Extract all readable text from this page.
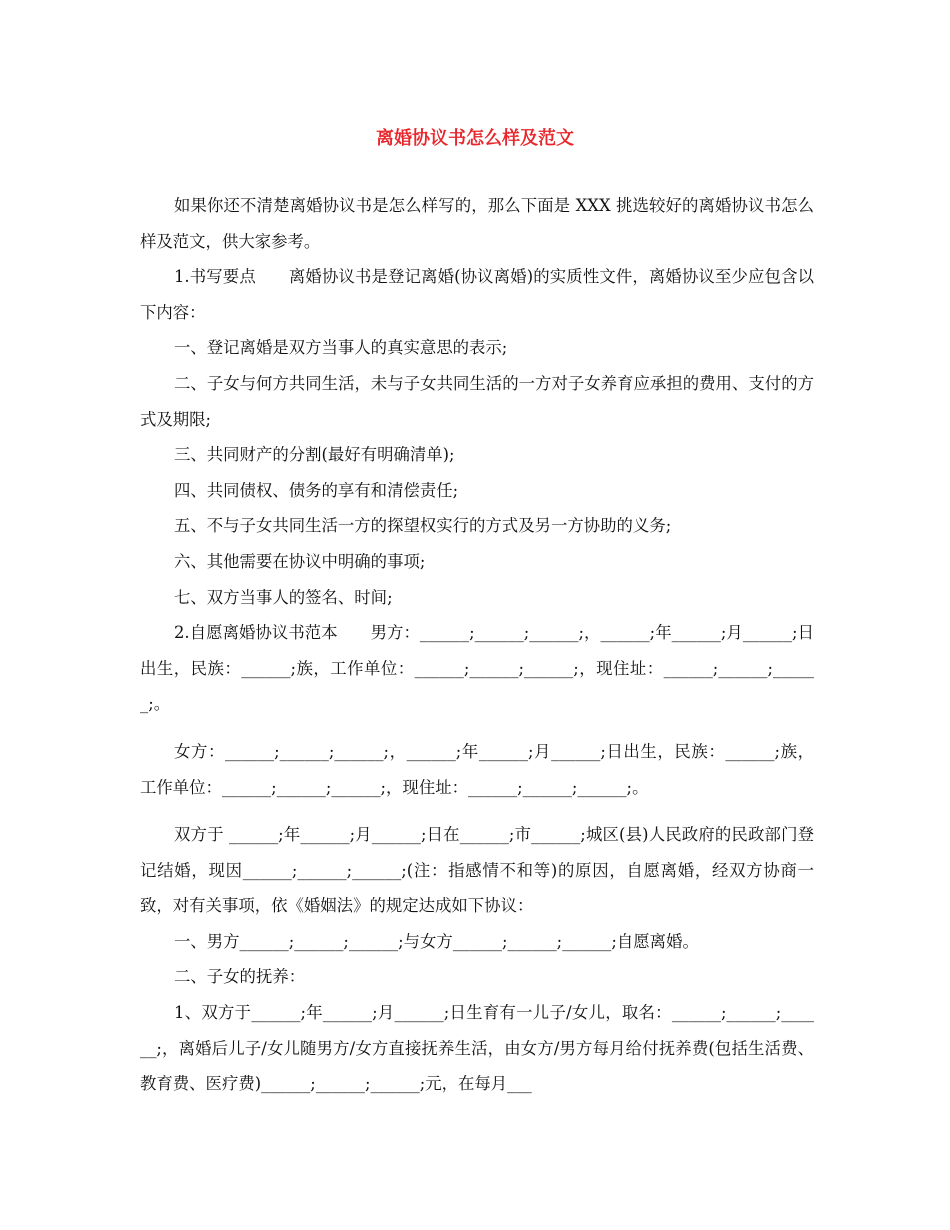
离婚协议书怎么样及范文

如果你还不清楚离婚协议书是怎么样写的，那么下面是 XXX 挑选较好的离婚协议书怎么样及范文，供大家参考。

1.书写要点　　离婚协议书是登记离婚(协议离婚)的实质性文件，离婚协议至少应包含以下内容：

一、登记离婚是双方当事人的真实意思的表示;

二、子女与何方共同生活，未与子女共同生活的一方对子女养育应承担的费用、支付的方式及期限;

三、共同财产的分割(最好有明确清单);

四、共同债权、债务的享有和清偿责任;

五、不与子女共同生活一方的探望权实行的方式及另一方协助的义务;

六、其他需要在协议中明确的事项;

七、双方当事人的签名、时间;

2.自愿离婚协议书范本　　男方：______;______;______;，______;年______;月______;日出生，民族：______;族，工作单位：______;______;______;，现住址：______;______;______;。

女方：______;______;______;，______;年______;月______;日出生，民族：______;族，工作单位：______;______;______;，现住址：______;______;______;。

双方于 ______;年______;月______;日在______;市______;城区(县)人民政府的民政部门登记结婚，现因______;______;______;(注：指感情不和等)的原因，自愿离婚，经双方协商一致，对有关事项，依《婚姻法》的规定达成如下协议：

一、男方______;______;______;与女方______;______;______;自愿离婚。

二、子女的抚养：

1、双方于______;年______;月______;日生育有一儿子/女儿，取名：______;______;______;，离婚后儿子/女儿随男方/女方直接抚养生活，由女方/男方每月给付抚养费(包括生活费、教育费、医疗费)______;______;______;元，在每月___
